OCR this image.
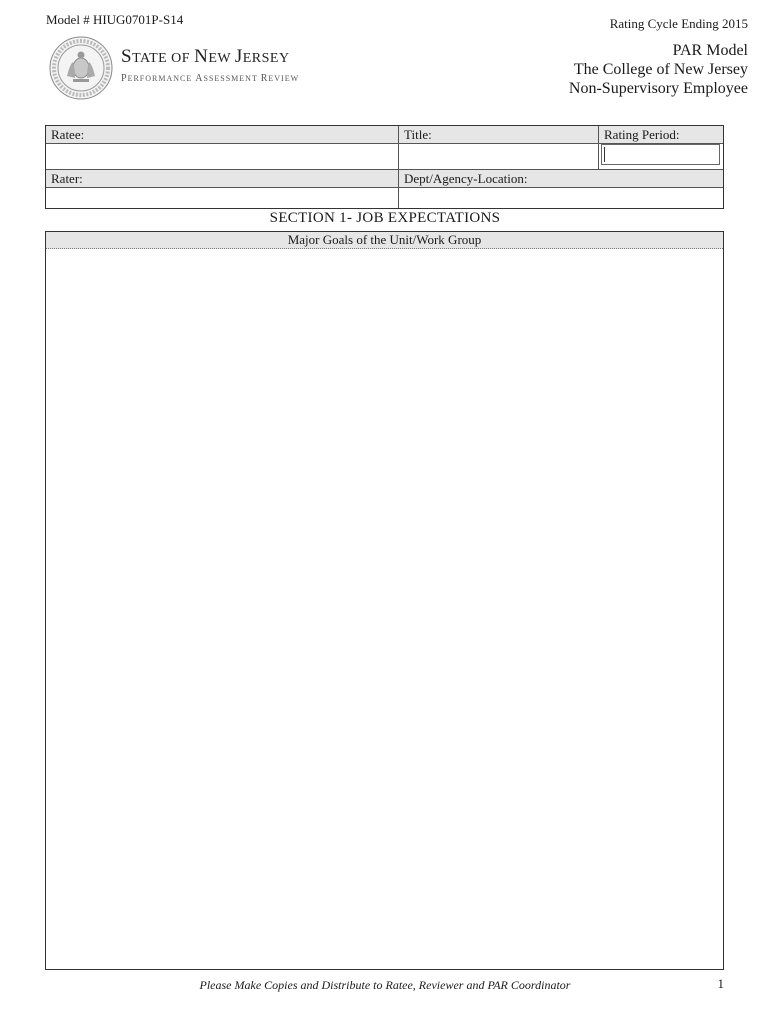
Model # HIUG0701P-S14	Rating Cycle Ending 2015
STATE OF NEW JERSEY
PERFORMANCE ASSESSMENT REVIEW
PAR Model
The College of New Jersey
Non-Supervisory Employee
Ratee:	Title:	Rating Period:
Rater:	Dept/Agency-Location:
SECTION 1- JOB EXPECTATIONS
Major Goals of the Unit/Work Group
Please Make Copies and Distribute to Ratee, Reviewer and PAR Coordinator	1
